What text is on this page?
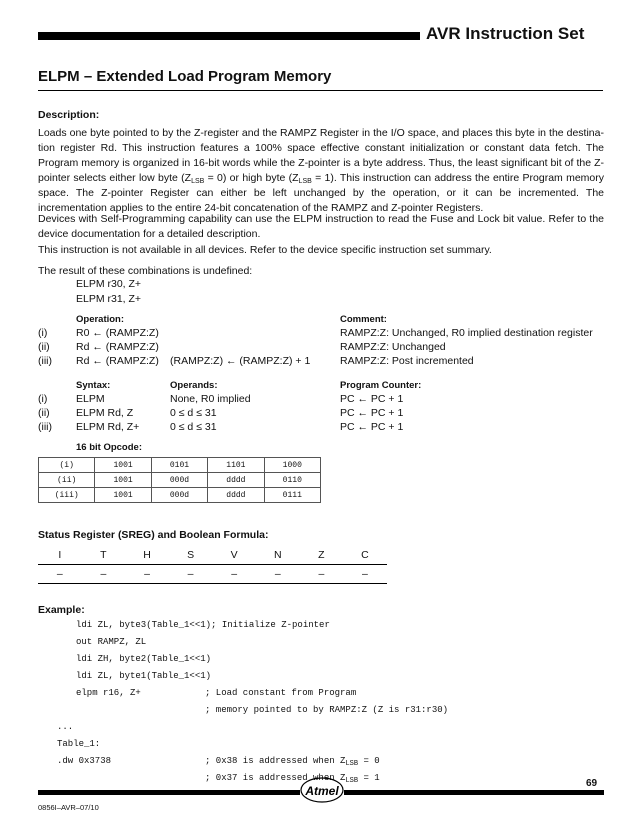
AVR Instruction Set
ELPM – Extended Load Program Memory
Description:
Loads one byte pointed to by the Z-register and the RAMPZ Register in the I/O space, and places this byte in the destina-tion register Rd. This instruction features a 100% space effective constant initialization or constant data fetch. The Program memory is organized in 16-bit words while the Z-pointer is a byte address. Thus, the least significant bit of the Z-pointer selects either low byte $(Z_{LSB} = 0)$ or high byte $(Z_{LSB} = 1)$. This instruction can address the entire Program memory space. The Z-pointer Register can either be left unchanged by the operation, or it can be incremented. The incrementation applies to the entire 24-bit concatenation of the RAMPZ and Z-pointer Registers.
Devices with Self-Programming capability can use the ELPM instruction to read the Fuse and Lock bit value. Refer to the device documentation for a detailed description.
This instruction is not available in all devices. Refer to the device specific instruction set summary.
The result of these combinations is undefined:
ELPM r30, Z+
ELPM r31, Z+
Operation:	Comment:
(i)	R0 ← (RAMPZ:Z)	RAMPZ:Z: Unchanged, R0 implied destination register
(ii)	Rd ← (RAMPZ:Z)	RAMPZ:Z: Unchanged
(iii) Rd ← (RAMPZ:Z) (RAMPZ:Z) ← (RAMPZ:Z) + 1	RAMPZ:Z: Post incremented
Syntax:	Operands:	Program Counter:
(i)	ELPM	None, R0 implied	PC ← PC + 1
(ii)	ELPM Rd, Z	0 ≤ d ≤ 31	PC ← PC + 1
(iii) ELPM Rd, Z+	0 ≤ d ≤ 31	PC ← PC + 1
16 bit Opcode:
(i)	1001	0101	1101	1000
(ii)	1001	000d	dddd	0110
(iii)	1001	000d	dddd	0111
Status Register (SREG) and Boolean Formula:
I	T	H	S	V	N	Z	C
–	–	–	–	–	–	–	–
Example:
ldi ZL, byte3(Table_1<<1); Initialize Z-pointer
out RAMPZ, ZL
ldi ZH, byte2(Table_1<<1)
ldi ZL, byte1(Table_1<<1)
elpm r16, Z+	; Load constant from Program
; memory pointed to by RAMPZ:Z (Z is r31:r30)
...
Table_1:
.dw 0x3738	; 0x38 is addressed when $Z_{LSB} = 0$
; 0x37 is addressed when $Z_{LSB} = 1$
Atmel
69
0856I–AVR–07/10
